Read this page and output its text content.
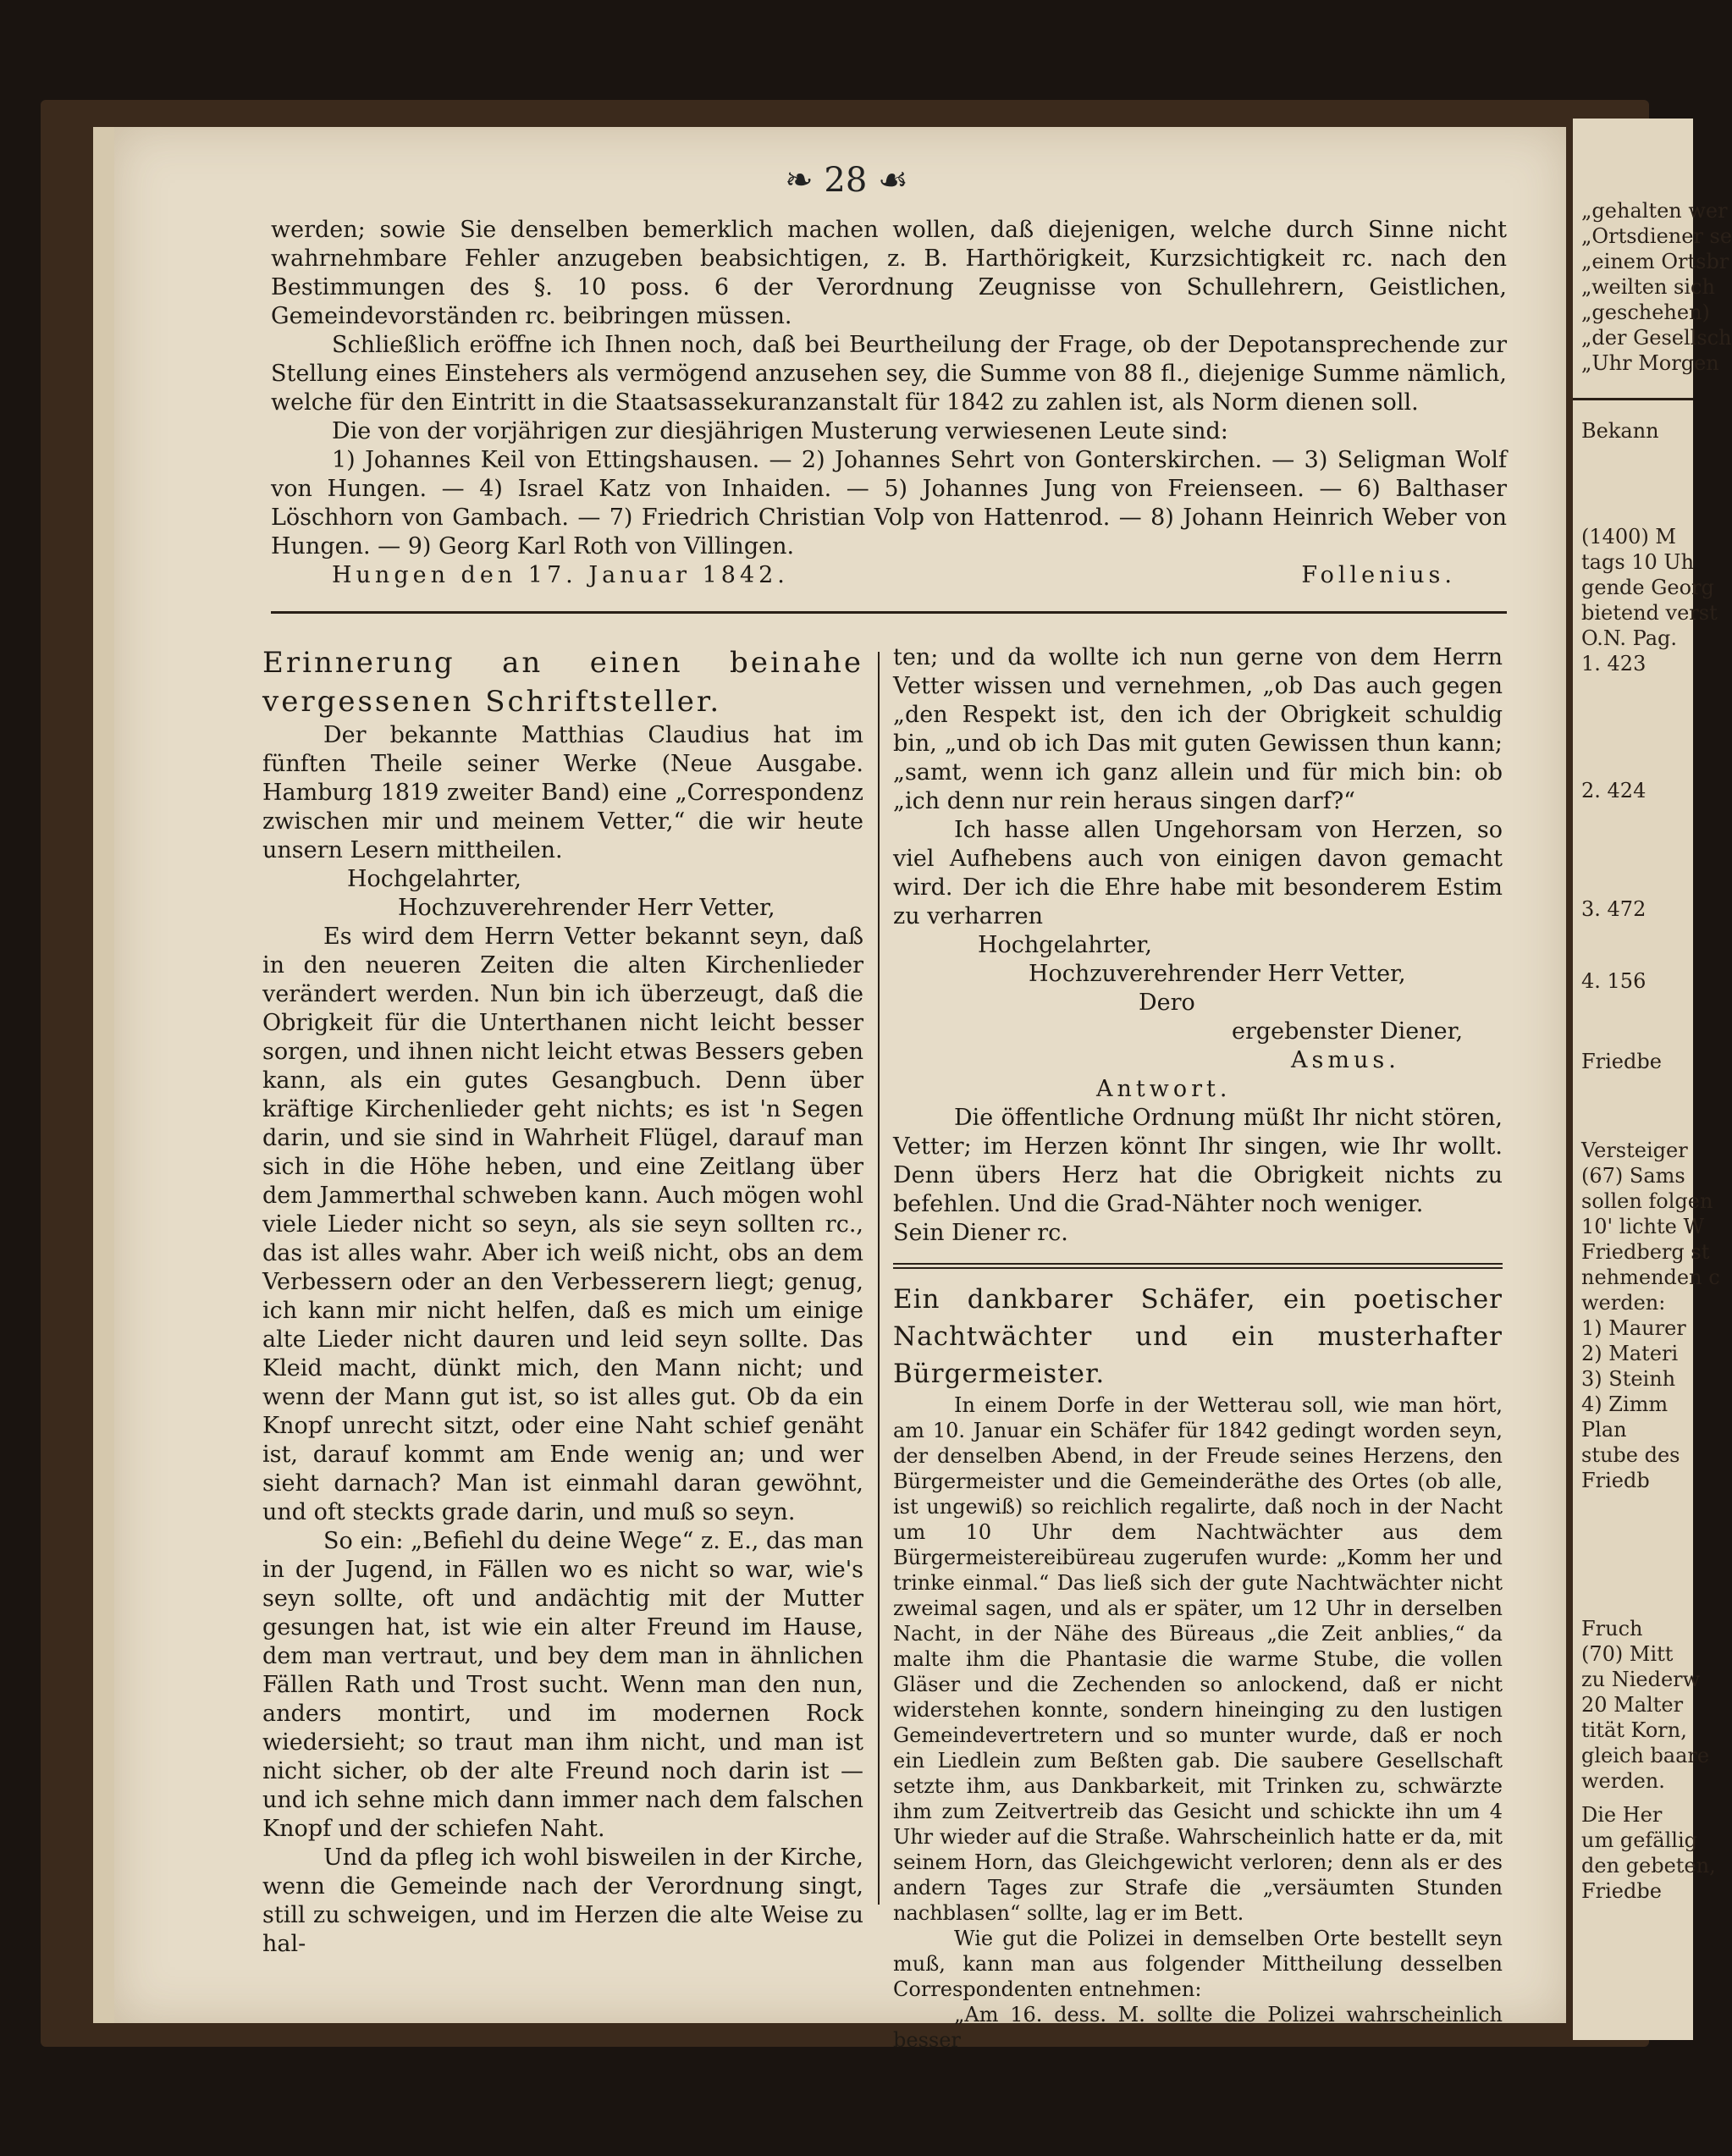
❧ 28 ☙

werden; sowie Sie denselben bemerklich machen wollen, daß diejenigen, welche durch Sinne nicht wahrnehmbare Fehler anzugeben beabsichtigen, z. B. Harthörigkeit, Kurzsichtigkeit rc. nach den Bestimmungen des §. 10 poss. 6 der Verordnung Zeugnisse von Schullehrern, Geistlichen, Gemeindevorständen rc. beibringen müssen.

Schließlich eröffne ich Ihnen noch, daß bei Beurtheilung der Frage, ob der Depotansprechende zur Stellung eines Einstehers als vermögend anzusehen sey, die Summe von 88 fl., diejenige Summe nämlich, welche für den Eintritt in die Staatsassekuranzanstalt für 1842 zu zahlen ist, als Norm dienen soll.

Die von der vorjährigen zur diesjährigen Musterung verwiesenen Leute sind:

1) Johannes Keil von Ettingshausen. — 2) Johannes Sehrt von Gonterskirchen. — 3) Seligman Wolf von Hungen. — 4) Israel Katz von Inhaiden. — 5) Johannes Jung von Freienseen. — 6) Balthaser Löschhorn von Gambach. — 7) Friedrich Christian Volp von Hattenrod. — 8) Johann Heinrich Weber von Hungen. — 9) Georg Karl Roth von Villingen.

Hungen den 17. Januar 1842.	Follenius.

Erinnerung an einen beinahe vergessenen Schriftsteller.

Der bekannte Matthias Claudius hat im fünften Theile seiner Werke (Neue Ausgabe. Hamburg 1819 zweiter Band) eine „Correspondenz zwischen mir und meinem Vetter,“ die wir heute unsern Lesern mittheilen.

Hochgelahrter,

Hochzuverehrender Herr Vetter,

Es wird dem Herrn Vetter bekannt seyn, daß in den neueren Zeiten die alten Kirchenlieder verändert werden. Nun bin ich überzeugt, daß die Obrigkeit für die Unterthanen nicht leicht besser sorgen, und ihnen nicht leicht etwas Bessers geben kann, als ein gutes Gesangbuch. Denn über kräftige Kirchenlieder geht nichts; es ist 'n Segen darin, und sie sind in Wahrheit Flügel, darauf man sich in die Höhe heben, und eine Zeitlang über dem Jammerthal schweben kann. Auch mögen wohl viele Lieder nicht so seyn, als sie seyn sollten rc., das ist alles wahr. Aber ich weiß nicht, obs an dem Verbessern oder an den Verbesserern liegt; genug, ich kann mir nicht helfen, daß es mich um einige alte Lieder nicht dauren und leid seyn sollte. Das Kleid macht, dünkt mich, den Mann nicht; und wenn der Mann gut ist, so ist alles gut. Ob da ein Knopf unrecht sitzt, oder eine Naht schief genäht ist, darauf kommt am Ende wenig an; und wer sieht darnach? Man ist einmahl daran gewöhnt, und oft steckts grade darin, und muß so seyn.

So ein: „Befiehl du deine Wege“ z. E., das man in der Jugend, in Fällen wo es nicht so war, wie's seyn sollte, oft und andächtig mit der Mutter gesungen hat, ist wie ein alter Freund im Hause, dem man vertraut, und bey dem man in ähnlichen Fällen Rath und Trost sucht. Wenn man den nun, anders montirt, und im modernen Rock wiedersieht; so traut man ihm nicht, und man ist nicht sicher, ob der alte Freund noch darin ist — und ich sehne mich dann immer nach dem falschen Knopf und der schiefen Naht.

Und da pfleg ich wohl bisweilen in der Kirche, wenn die Gemeinde nach der Verordnung singt, still zu schweigen, und im Herzen die alte Weise zu hal-

ten; und da wollte ich nun gerne von dem Herrn Vetter wissen und vernehmen, „ob Das auch gegen „den Respekt ist, den ich der Obrigkeit schuldig bin, „und ob ich Das mit guten Gewissen thun kann; „samt, wenn ich ganz allein und für mich bin: ob „ich denn nur rein heraus singen darf?“

Ich hasse allen Ungehorsam von Herzen, so viel Aufhebens auch von einigen davon gemacht wird. Der ich die Ehre habe mit besonderem Estim zu verharren

Hochgelahrter,

Hochzuverehrender Herr Vetter,

Dero

ergebenster Diener,

Asmus.

Antwort.

Die öffentliche Ordnung müßt Ihr nicht stören, Vetter; im Herzen könnt Ihr singen, wie Ihr wollt. Denn übers Herz hat die Obrigkeit nichts zu befehlen. Und die Grad-Nähter noch weniger.

Sein Diener rc.

Ein dankbarer Schäfer, ein poetischer Nachtwächter und ein musterhafter Bürgermeister.

In einem Dorfe in der Wetterau soll, wie man hört, am 10. Januar ein Schäfer für 1842 gedingt worden seyn, der denselben Abend, in der Freude seines Herzens, den Bürgermeister und die Gemeinderäthe des Ortes (ob alle, ist ungewiß) so reichlich regalirte, daß noch in der Nacht um 10 Uhr dem Nachtwächter aus dem Bürgermeistereibüreau zugerufen wurde: „Komm her und trinke einmal.“ Das ließ sich der gute Nachtwächter nicht zweimal sagen, und als er später, um 12 Uhr in derselben Nacht, in der Nähe des Büreaus „die Zeit anblies,“ da malte ihm die Phantasie die warme Stube, die vollen Gläser und die Zechenden so anlockend, daß er nicht widerstehen konnte, sondern hineinging zu den lustigen Gemeindevertretern und so munter wurde, daß er noch ein Liedlein zum Beßten gab. Die saubere Gesellschaft setzte ihm, aus Dankbarkeit, mit Trinken zu, schwärzte ihm zum Zeitvertreib das Gesicht und schickte ihn um 4 Uhr wieder auf die Straße. Wahrscheinlich hatte er da, mit seinem Horn, das Gleichgewicht verloren; denn als er des andern Tages zur Strafe die „versäumten Stunden nachblasen“ sollte, lag er im Bett.

Wie gut die Polizei in demselben Orte bestellt seyn muß, kann man aus folgender Mittheilung desselben Correspondenten entnehmen:

„Am 16. dess. M. sollte die Polizei wahrscheinlich besser

„gehalten wer
„Ortsdiener se
„einem Ortsbr
„weilten sich
„geschehen)
„der Gesellsch
„Uhr Morgen
Bekann
(1400) M
tags 10 Uh
gende Georg
bietend verst
O.N. Pag.
1. 423
2. 424
3. 472
4. 156
Friedbe
Versteiger
(67) Sams
sollen folgen
10' lichte W
Friedberg st
nehmenden c
werden:
1) Maurer
2) Materi
3) Steinh
4) Zimm
Plan
stube des
Friedb
Fruch
(70) Mitt
zu Niederw
20 Malter
tität Korn,
gleich baare
werden.
Die Her
um gefällig
den gebeten,
Friedbe
